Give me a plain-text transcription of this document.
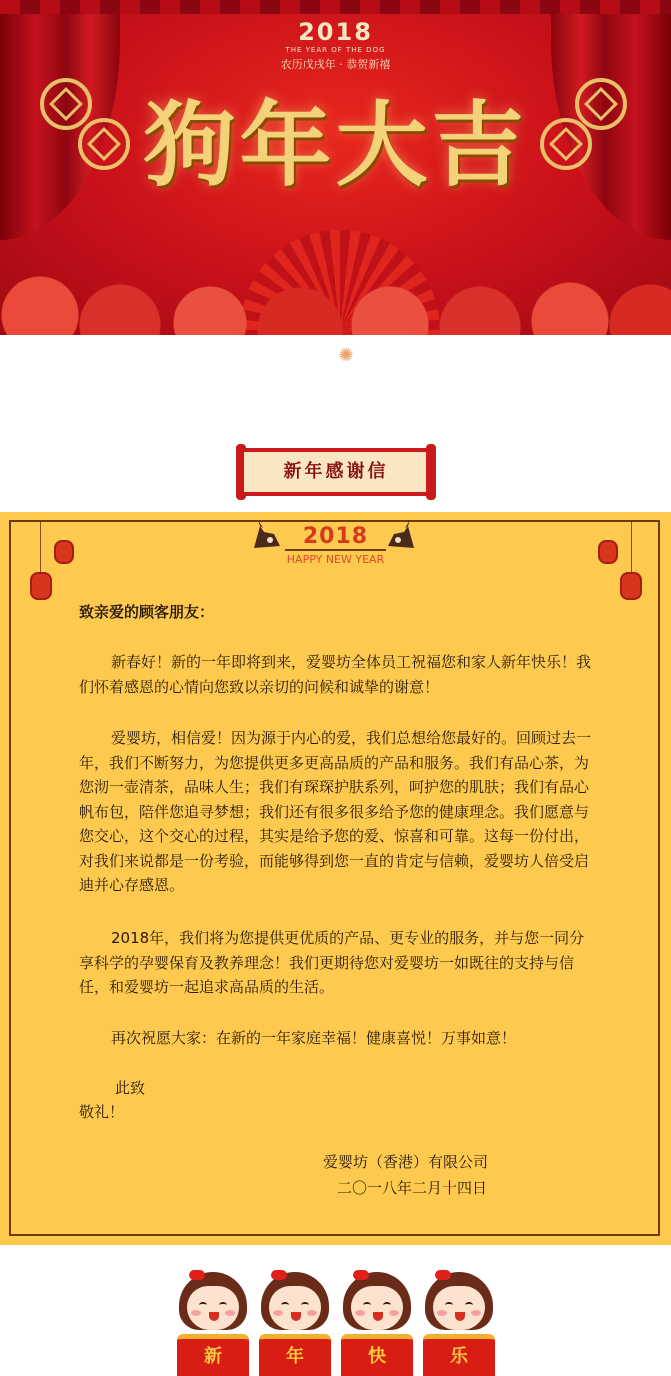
2018
THE YEAR OF THE DOG
农历戊戌年 · 恭贺新禧
狗年大吉
✺
新年感谢信
2018
HAPPY NEW YEAR
致亲爱的顾客朋友：
新春好！新的一年即将到来，爱婴坊全体员工祝福您和家人新年快乐！我们怀着感恩的心情向您致以亲切的问候和诚挚的谢意！
爱婴坊，相信爱！因为源于内心的爱，我们总想给您最好的。回顾过去一年，我们不断努力，为您提供更多更高品质的产品和服务。我们有品心茶，为您沏一壶清茶，品味人生；我们有琛琛护肤系列，呵护您的肌肤；我们有品心帆布包，陪伴您追寻梦想；我们还有很多很多给予您的健康理念。我们愿意与您交心，这个交心的过程，其实是给予您的爱、惊喜和可靠。这每一份付出，对我们来说都是一份考验，而能够得到您一直的肯定与信赖，爱婴坊人倍受启迪并心存感恩。
2018年，我们将为您提供更优质的产品、更专业的服务，并与您一同分享科学的孕婴保育及教养理念！我们更期待您对爱婴坊一如既往的支持与信任，和爱婴坊一起追求高品质的生活。
再次祝愿大家：在新的一年家庭幸福！健康喜悦！万事如意！
此致
敬礼！
爱婴坊（香港）有限公司
二〇一八年二月十四日
新	年	快	乐
